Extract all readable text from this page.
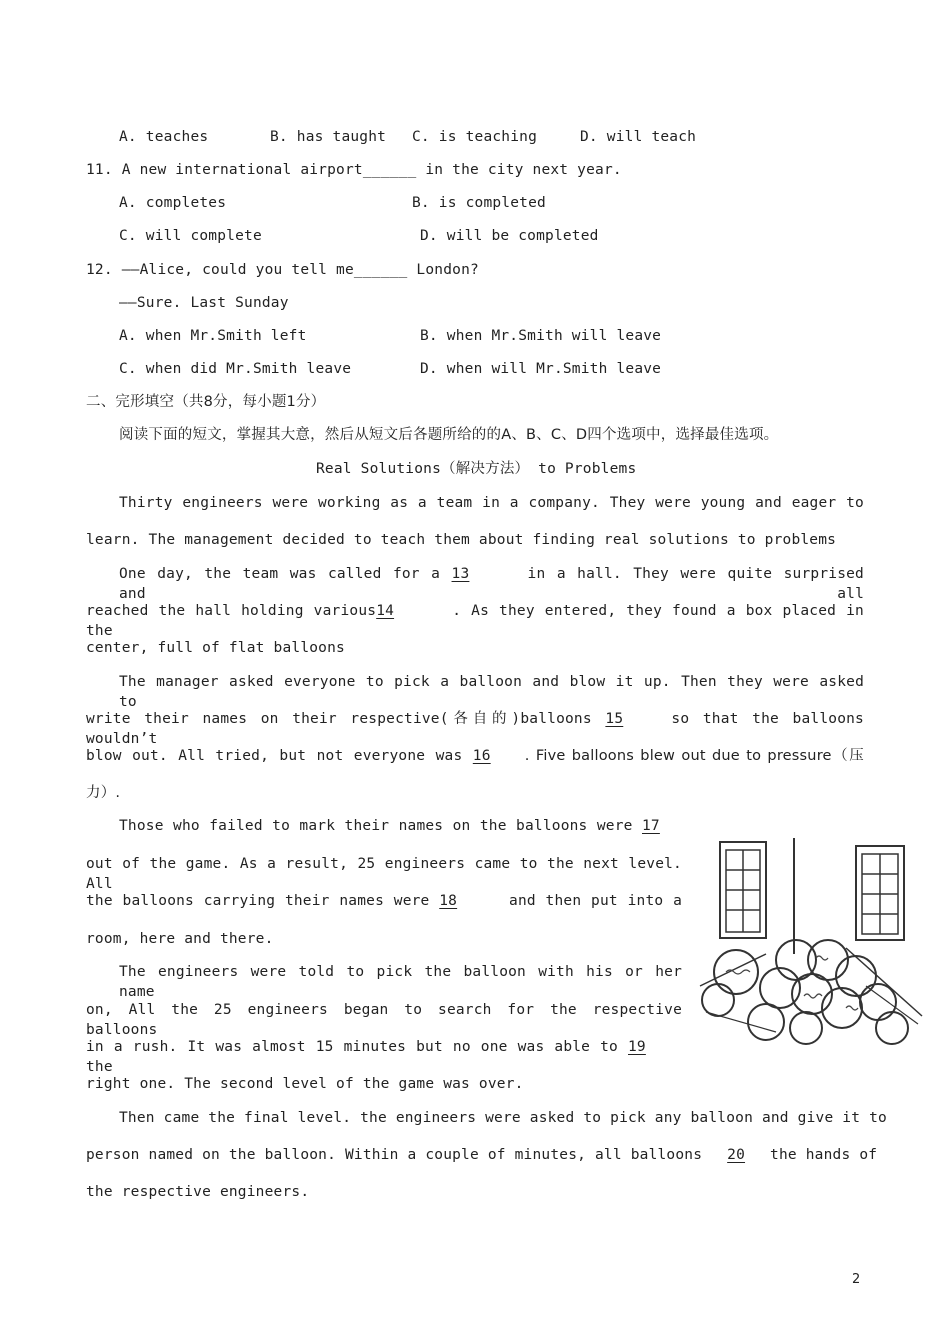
A. teaches	B. has taught C. is teaching	D. will teach
11. A new international airport______ in the city next year.
A. completes	B. is completed
C. will complete	D. will be completed
12. ——Alice, could you tell me______ London?
——Sure. Last Sunday
A. when Mr.Smith left	B. when Mr.Smith will leave
C. when did Mr.Smith leave	D. when will Mr.Smith leave
二、完形填空（共8分，每小题1分）
阅读下面的短文，掌握其大意，然后从短文后各题所给的的A、B、C、D四个选项中，选择最佳选项。
Real Solutions（解决方法） to Problems
Thirty engineers were working as a team in a company. They were young and eager to
learn. The management decided to teach them about finding real solutions to problems
One day, the team was called for a 13	in a hall. They were quite surprised and all
reached the hall holding various14	. As they entered, they found a box placed in the
center, full of flat balloons
The manager asked everyone to pick a balloon and blow it up. Then they were asked to
write their names on their respective(各自的)balloons 15	so that the balloons wouldn’t
blow out. All tried, but not everyone was 16 . Five balloons blew out due to pressure（压
力）.
Those who failed to mark their names on the balloons were 17
out of the game. As a result, 25 engineers came to the next level. All
the balloons carrying their names were 18	and then put into a
room, here and there.
The engineers were told to pick the balloon with his or her name
on, All the 25 engineers began to search for the respective balloons
in a rush. It was almost 15 minutes but no one was able to 19 the
right one. The second level of the game was over.
Then came the final level. the engineers were asked to pick any balloon and give it to
person named on the balloon. Within a couple of minutes, all balloons 20 the hands of
the respective engineers.
2
